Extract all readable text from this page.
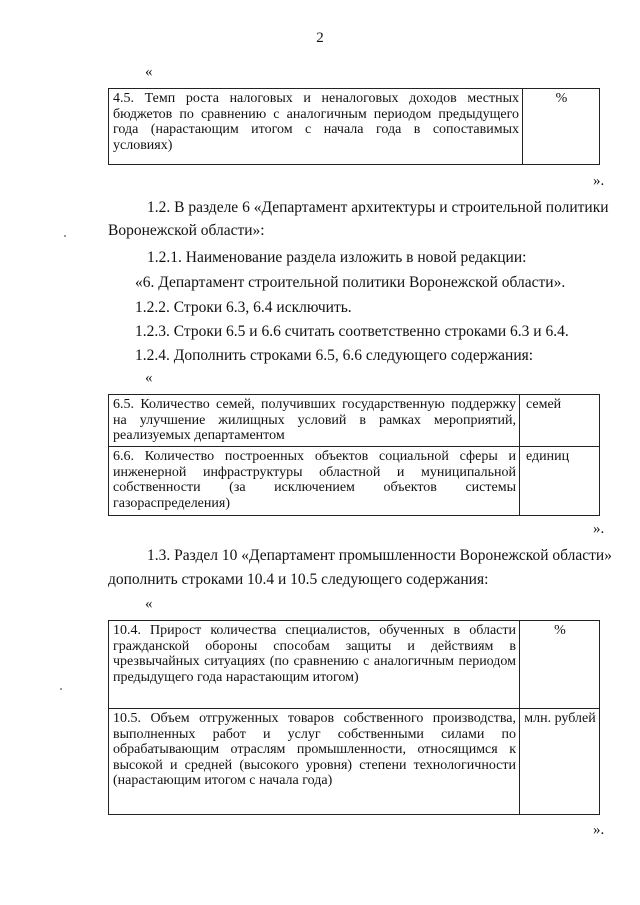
2
«
4.5. Темп роста налоговых и неналоговых доходов местных бюджетов по сравнению с аналогичным периодом предыдущего года (нарастающим итогом с начала года в сопоставимых условиях)	%
».
1.2. В разделе 6 «Департамент архитектуры и строительной политики
Воронежской области»:
1.2.1. Наименование раздела изложить в новой редакции:
«6. Департамент строительной политики Воронежской области».
1.2.2. Строки 6.3, 6.4 исключить.
1.2.3. Строки 6.5 и 6.6 считать соответственно строками 6.3 и 6.4.
1.2.4. Дополнить строками 6.5, 6.6 следующего содержания:
«
6.5. Количество семей, получивших государственную поддержку на улучшение жилищных условий в рамках мероприятий, реализуемых департаментом	семей
6.6. Количество построенных объектов социальной сферы и инженерной инфраструктуры областной и муниципальной собственности (за исключением объектов системы газораспределения)	единиц
».
1.3. Раздел 10 «Департамент промышленности Воронежской области»
дополнить строками 10.4 и 10.5 следующего содержания:
«
10.4. Прирост количества специалистов, обученных в области гражданской обороны способам защиты и действиям в чрезвычайных ситуациях (по сравнению с аналогичным периодом предыдущего года нарастающим итогом)	%
10.5. Объем отгруженных товаров собственного производства, выполненных работ и услуг собственными силами по обрабатывающим отраслям промышленности, относящимся к высокой и средней (высокого уровня) степени технологичности (нарастающим итогом с начала года)	млн. рублей
».
